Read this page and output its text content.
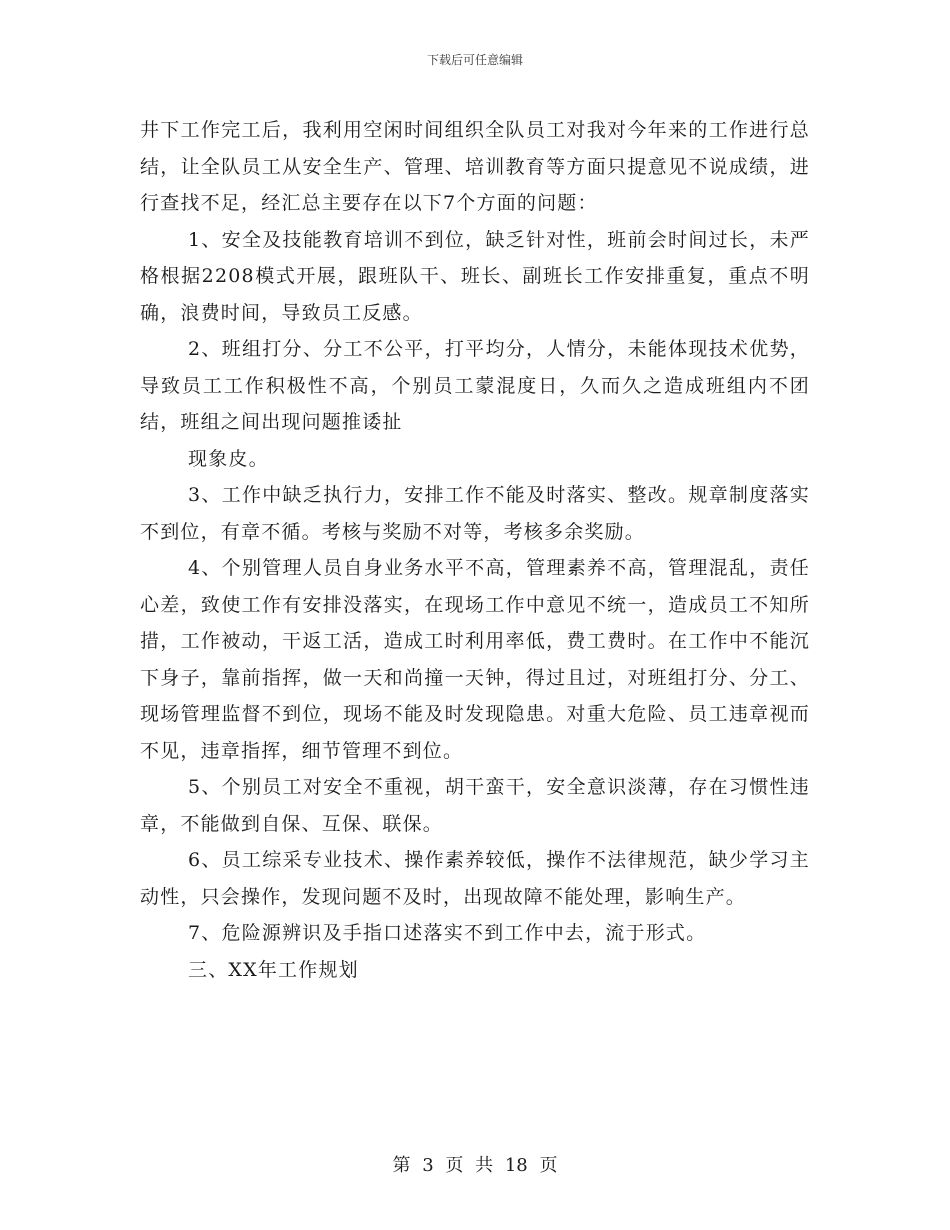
下载后可任意编辑

井下工作完工后，我利用空闲时间组织全队员工对我对今年来的工作进行总结，让全队员工从安全生产、管理、培训教育等方面只提意见不说成绩，进行查找不足，经汇总主要存在以下7个方面的问题：

1、安全及技能教育培训不到位，缺乏针对性，班前会时间过长，未严格根据2208模式开展，跟班队干、班长、副班长工作安排重复，重点不明确，浪费时间，导致员工反感。

2、班组打分、分工不公平，打平均分，人情分，未能体现技术优势，导致员工工作积极性不高，个别员工蒙混度日，久而久之造成班组内不团结，班组之间出现问题推诿扯

现象皮。

3、工作中缺乏执行力，安排工作不能及时落实、整改。规章制度落实不到位，有章不循。考核与奖励不对等，考核多余奖励。

4、个别管理人员自身业务水平不高，管理素养不高，管理混乱，责任心差，致使工作有安排没落实，在现场工作中意见不统一，造成员工不知所措，工作被动，干返工活，造成工时利用率低，费工费时。在工作中不能沉下身子，靠前指挥，做一天和尚撞一天钟，得过且过，对班组打分、分工、现场管理监督不到位，现场不能及时发现隐患。对重大危险、员工违章视而不见，违章指挥，细节管理不到位。

5、个别员工对安全不重视，胡干蛮干，安全意识淡薄，存在习惯性违章，不能做到自保、互保、联保。

6、员工综采专业技术、操作素养较低，操作不法律规范，缺少学习主动性，只会操作，发现问题不及时，出现故障不能处理，影响生产。

7、危险源辨识及手指口述落实不到工作中去，流于形式。

三、XX年工作规划

第 3 页 共 18 页
